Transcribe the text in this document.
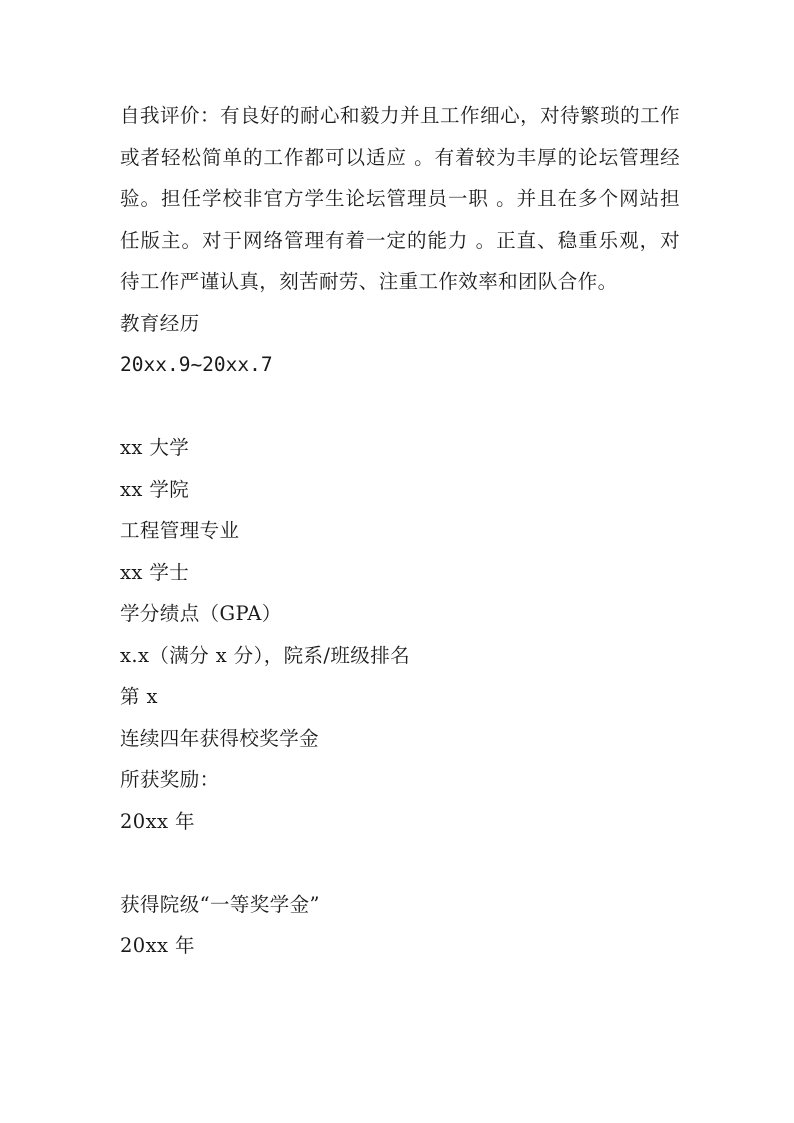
自我评价：有良好的耐心和毅力并且工作细心，对待繁琐的工作或者轻松简单的工作都可以适应 。有着较为丰厚的论坛管理经验。担任学校非官方学生论坛管理员一职 。并且在多个网站担任版主。对于网络管理有着一定的能力 。正直、稳重乐观，对待工作严谨认真，刻苦耐劳、注重工作效率和团队合作。

教育经历
20xx.9~20xx.7
xx 大学
xx 学院
工程管理专业
xx 学士
学分绩点（GPA）
x.x（满分 x 分），院系/班级排名
第 x
连续四年获得校奖学金
所获奖励：
20xx 年
获得院级“一等奖学金”
20xx 年
